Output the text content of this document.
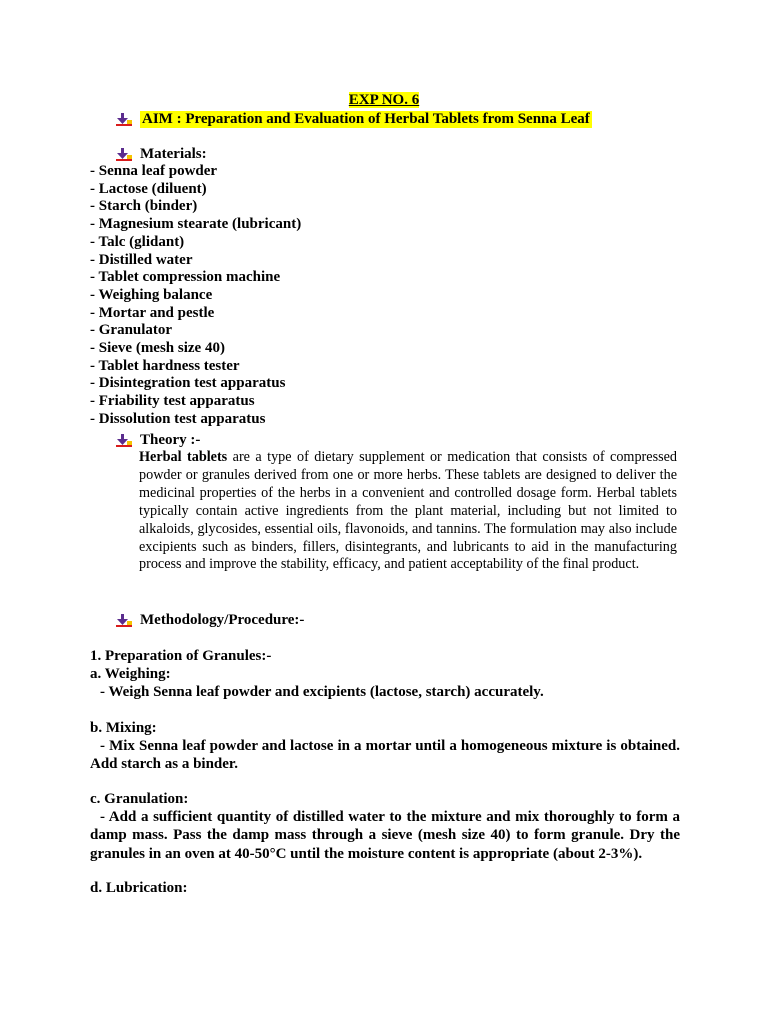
EXP NO. 6
AIM : Preparation and Evaluation of Herbal Tablets from Senna Leaf
Materials:
- Senna leaf powder
- Lactose (diluent)
- Starch (binder)
- Magnesium stearate (lubricant)
- Talc (glidant)
- Distilled water
- Tablet compression machine
- Weighing balance
- Mortar and pestle
- Granulator
- Sieve (mesh size 40)
- Tablet hardness tester
- Disintegration test apparatus
- Friability test apparatus
- Dissolution test apparatus
Theory :-

Herbal tablets are a type of dietary supplement or medication that consists of compressed powder or granules derived from one or more herbs. These tablets are designed to deliver the medicinal properties of the herbs in a convenient and controlled dosage form. Herbal tablets typically contain active ingredients from the plant material, including but not limited to alkaloids, glycosides, essential oils, flavonoids, and tannins. The formulation may also include excipients such as binders, fillers, disintegrants, and lubricants to aid in the manufacturing process and improve the stability, efficacy, and patient acceptability of the final product.

Methodology/Procedure:-

1. Preparation of Granules:-

a. Weighing:

- Weigh Senna leaf powder and excipients (lactose, starch) accurately.

b. Mixing:

- Mix Senna leaf powder and lactose in a mortar until a homogeneous mixture is obtained. Add starch as a binder.

c. Granulation:

- Add a sufficient quantity of distilled water to the mixture and mix thoroughly to form a damp mass. Pass the damp mass through a sieve (mesh size 40) to form granule. Dry the granules in an oven at 40-50°C until the moisture content is appropriate (about 2-3%).

d. Lubrication:
